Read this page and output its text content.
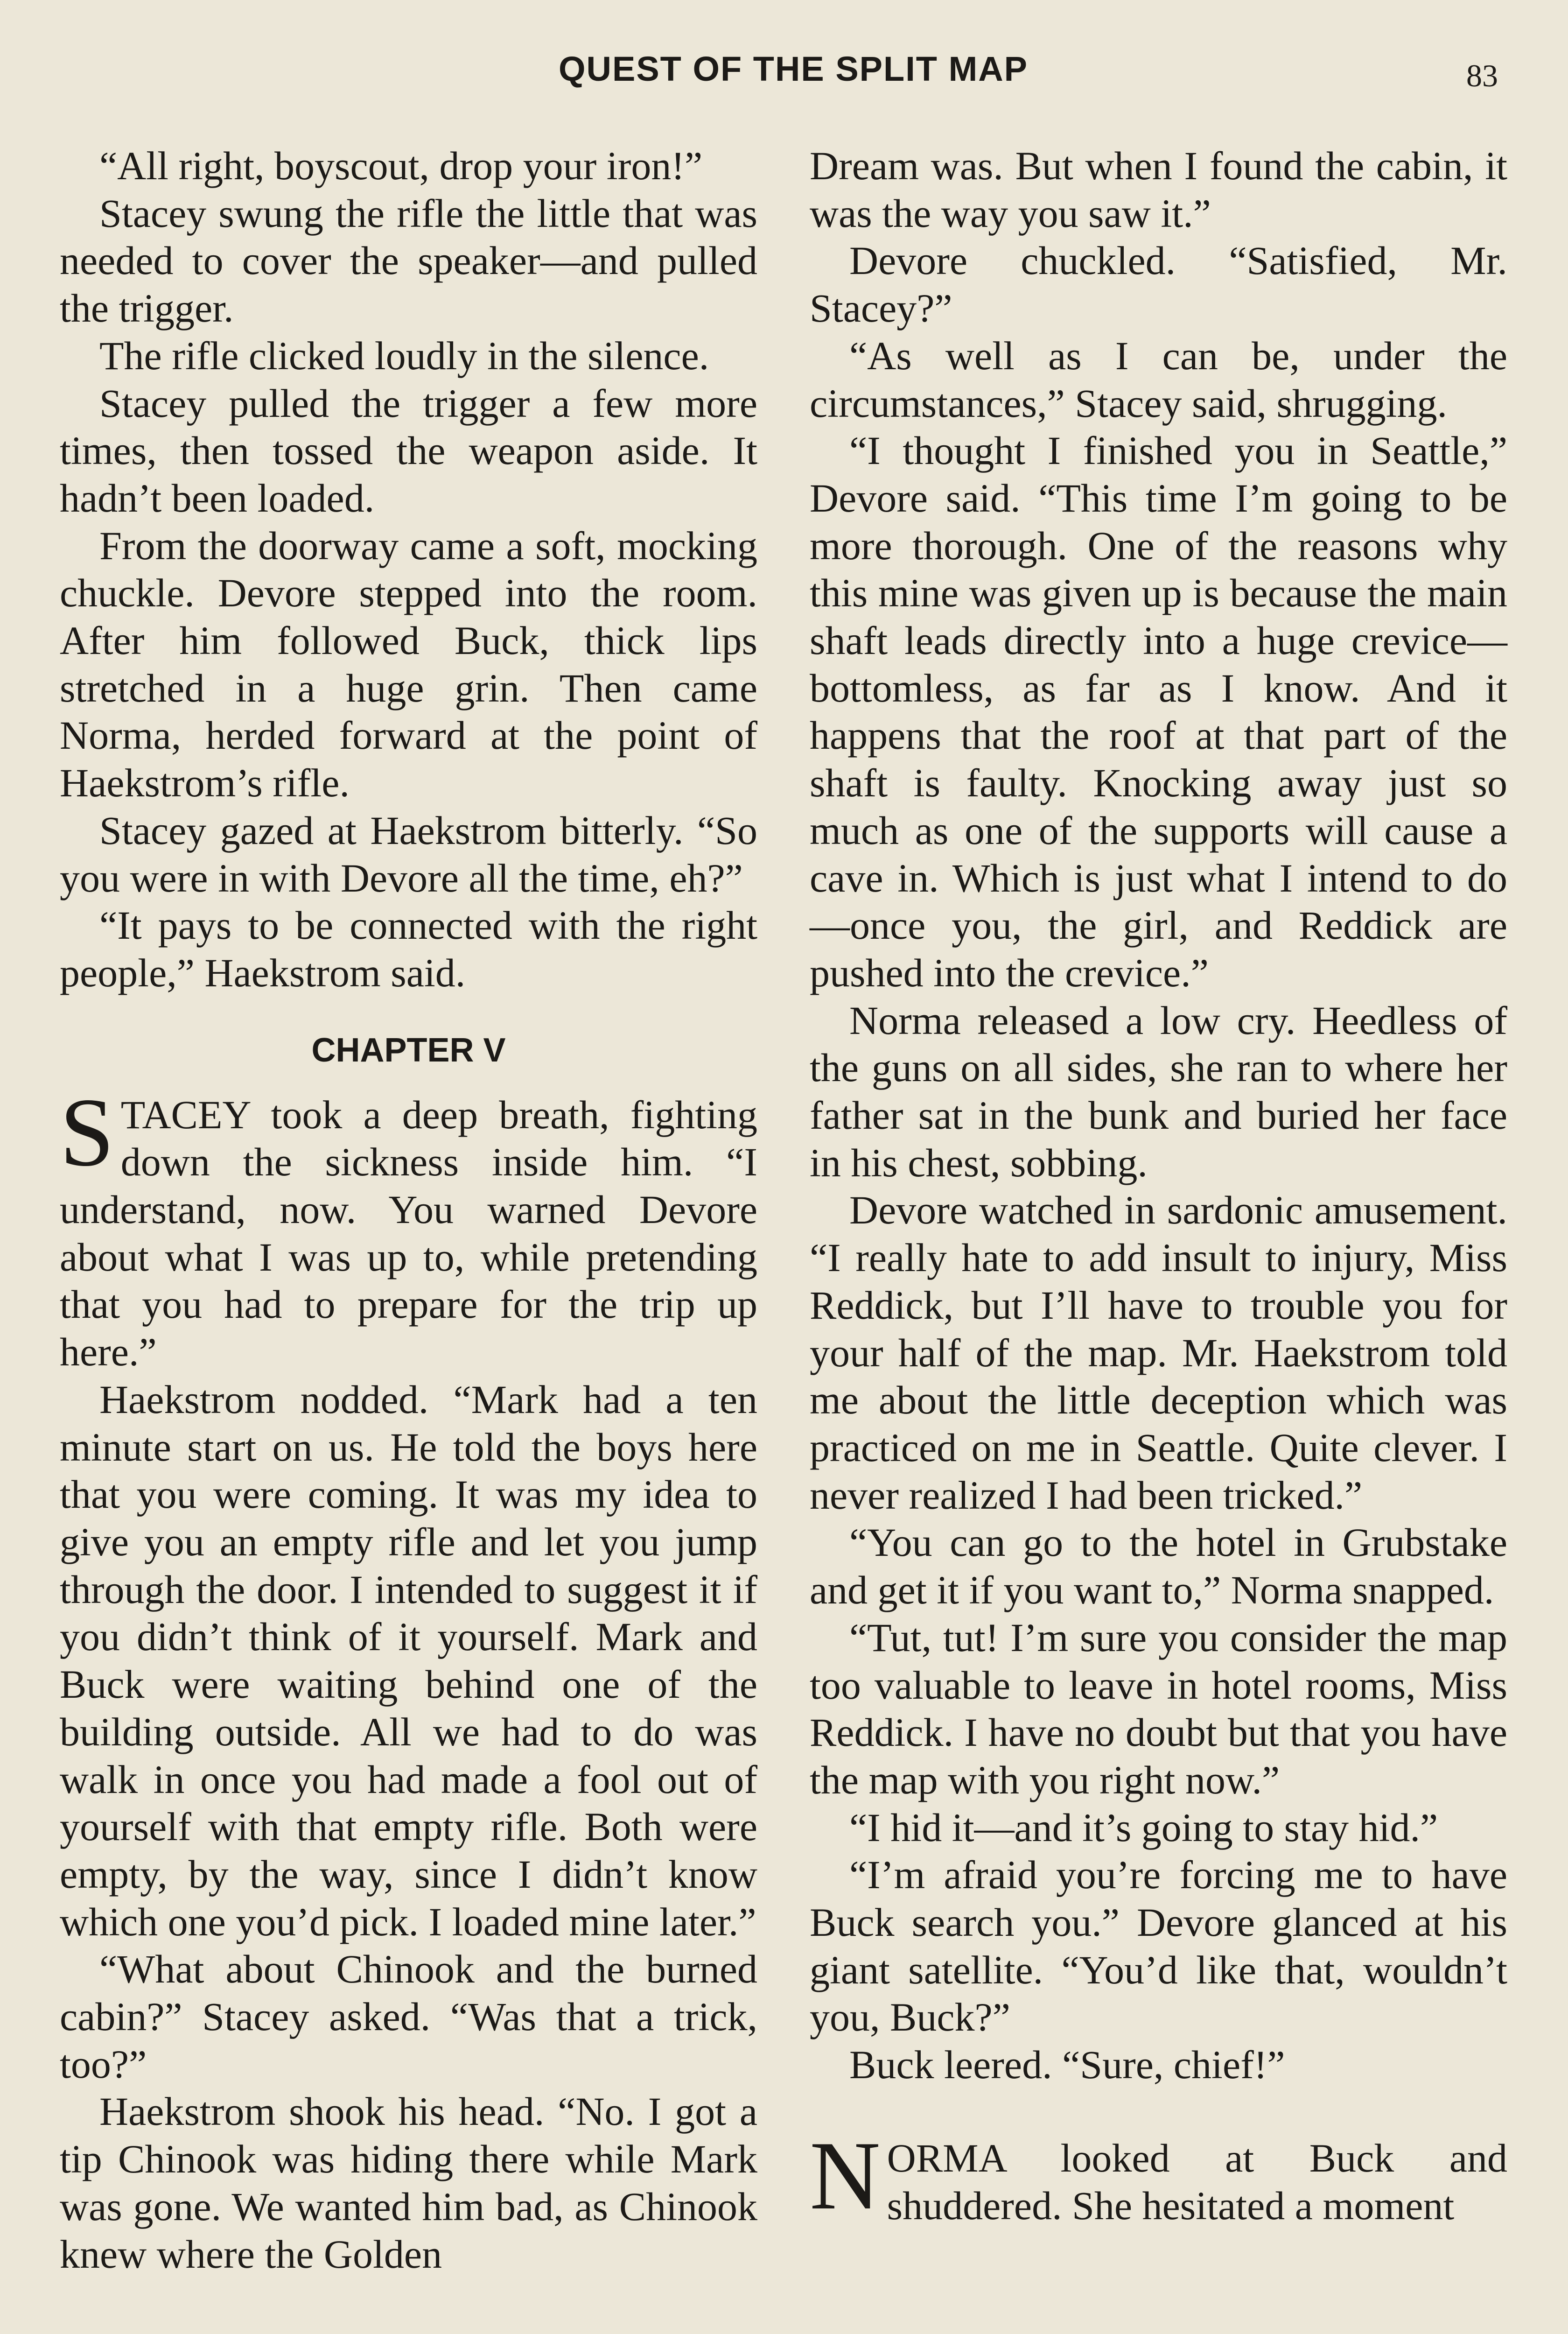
QUEST OF THE SPLIT MAP	83

“All right, boyscout, drop your iron!”

Stacey swung the rifle the little that was needed to cover the speaker—and pulled the trigger.

The rifle clicked loudly in the silence.

Stacey pulled the trigger a few more times, then tossed the weapon aside. It hadn’t been loaded.

From the doorway came a soft, mocking chuckle. Devore stepped into the room. After him followed Buck, thick lips stretched in a huge grin. Then came Norma, herded forward at the point of Haekstrom’s rifle.

Stacey gazed at Haekstrom bitterly. “So you were in with Devore all the time, eh?”

“It pays to be connected with the right people,” Haekstrom said.

CHAPTER V

STACEY took a deep breath, fighting down the sickness inside him. “I understand, now. You warned Devore about what I was up to, while pretending that you had to prepare for the trip up here.”

Haekstrom nodded. “Mark had a ten minute start on us. He told the boys here that you were coming. It was my idea to give you an empty rifle and let you jump through the door. I intended to suggest it if you didn’t think of it yourself. Mark and Buck were waiting behind one of the building outside. All we had to do was walk in once you had made a fool out of yourself with that empty rifle. Both were empty, by the way, since I didn’t know which one you’d pick. I loaded mine later.”

“What about Chinook and the burned cabin?” Stacey asked. “Was that a trick, too?”

Haekstrom shook his head. “No. I got a tip Chinook was hiding there while Mark was gone. We wanted him bad, as Chinook knew where the Golden

Dream was. But when I found the cabin, it was the way you saw it.”

Devore chuckled. “Satisfied, Mr. Stacey?”

“As well as I can be, under the circumstances,” Stacey said, shrugging.

“I thought I finished you in Seattle,” Devore said. “This time I’m going to be more thorough. One of the reasons why this mine was given up is because the main shaft leads directly into a huge crevice—bottomless, as far as I know. And it happens that the roof at that part of the shaft is faulty. Knocking away just so much as one of the supports will cause a cave in. Which is just what I intend to do—once you, the girl, and Reddick are pushed into the crevice.”

Norma released a low cry. Heedless of the guns on all sides, she ran to where her father sat in the bunk and buried her face in his chest, sobbing.

Devore watched in sardonic amusement. “I really hate to add insult to injury, Miss Reddick, but I’ll have to trouble you for your half of the map. Mr. Haekstrom told me about the little deception which was practiced on me in Seattle. Quite clever. I never realized I had been tricked.”

“You can go to the hotel in Grubstake and get it if you want to,” Norma snapped.

“Tut, tut! I’m sure you consider the map too valuable to leave in hotel rooms, Miss Reddick. I have no doubt but that you have the map with you right now.”

“I hid it—and it’s going to stay hid.”

“I’m afraid you’re forcing me to have Buck search you.” Devore glanced at his giant satellite. “You’d like that, wouldn’t you, Buck?”

Buck leered. “Sure, chief!”

NORMA looked at Buck and shuddered. She hesitated a moment
